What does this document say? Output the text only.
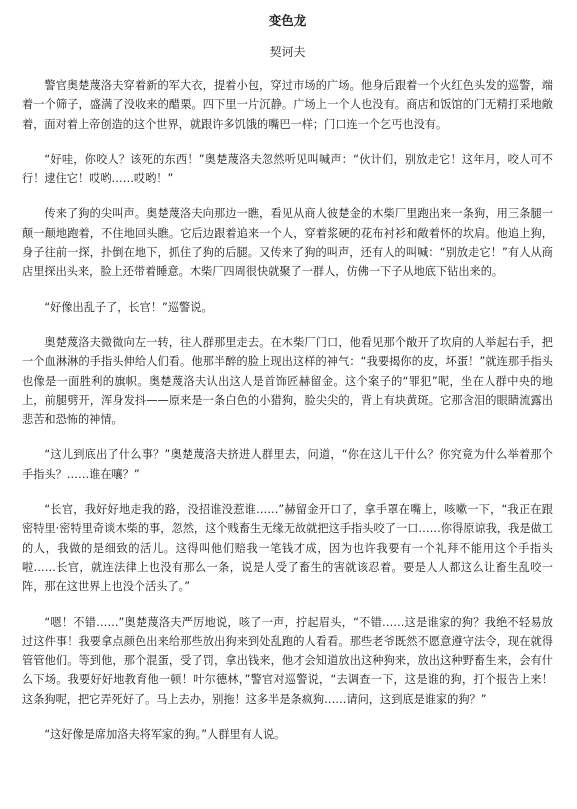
变色龙
契诃夫

警官奥楚蔑洛夫穿着新的军大衣，提着小包，穿过市场的广场。他身后跟着一个火红色头发的巡警，端着一个筛子，盛满了没收来的醋栗。四下里一片沉静。广场上一个人也没有。商店和饭馆的门无精打采地敞着，面对着上帝创造的这个世界，就跟许多饥饿的嘴巴一样；门口连一个乞丐也没有。

“好哇，你咬人？该死的东西！”奥楚蔑洛夫忽然听见叫喊声：“伙计们，别放走它！这年月，咬人可不行！逮住它！哎哟……哎哟！”

传来了狗的尖叫声。奥楚蔑洛夫向那边一瞧，看见从商人彼楚金的木柴厂里跑出来一条狗，用三条腿一颠一颠地跑着，不住地回头瞧。它后边跟着追来一个人，穿着浆硬的花布衬衫和敞着怀的坎肩。他追上狗，身子往前一探，扑倒在地下，抓住了狗的后腿。又传来了狗的叫声，还有人的叫喊：“别放走它！”有人从商店里探出头来，脸上还带着睡意。木柴厂四周很快就聚了一群人，仿佛一下子从地底下钻出来的。

“好像出乱子了，长官！”巡警说。

奥楚蔑洛夫微微向左一转，往人群那里走去。在木柴厂门口，他看见那个敞开了坎肩的人举起右手，把一个血淋淋的手指头伸给人们看。他那半醉的脸上现出这样的神气：“我要揭你的皮，坏蛋！”就连那手指头也像是一面胜利的旗帜。奥楚蔑洛夫认出这人是首饰匠赫留金。这个案子的“罪犯”呢，坐在人群中央的地上，前腿劈开，浑身发抖——原来是一条白色的小猎狗，脸尖尖的，背上有块黄斑。它那含泪的眼睛流露出悲苦和恐怖的神情。

“这儿到底出了什么事？”奥楚蔑洛夫挤进人群里去，问道，“你在这儿干什么？你究竟为什么举着那个手指头？……谁在嚷？”

“长官，我好好地走我的路，没招谁没惹谁……”赫留金开口了，拿手罩在嘴上，咳嗽一下，“我正在跟密特里·密特里奇谈木柴的事，忽然，这个贱畜生无缘无故就把这手指头咬了一口……你得原谅我，我是做工的人，我做的是细致的活儿。这得叫他们赔我一笔钱才成，因为也许我要有一个礼拜不能用这个手指头啦……长官，就连法律上也没有那么一条，说是人受了畜生的害就该忍着。要是人人都这么让畜生乱咬一阵，那在这世界上也没个活头了。”

“嗯！不错……”奥楚蔑洛夫严厉地说，咳了一声，拧起眉头，“不错……这是谁家的狗？我绝不轻易放过这件事！我要拿点颜色出来给那些放出狗来到处乱跑的人看看。那些老爷既然不愿意遵守法令，现在就得管管他们。等到他，那个混蛋，受了罚，拿出钱来，他才会知道放出这种狗来，放出这种野畜生来，会有什么下场。我要好好地教育他一顿！叶尔德林，”警官对巡警说，“去调查一下，这是谁的狗，打个报告上来！这条狗呢，把它弄死好了。马上去办，别拖！这多半是条疯狗……请问，这到底是谁家的狗？”

“这好像是席加洛夫将军家的狗。”人群里有人说。
